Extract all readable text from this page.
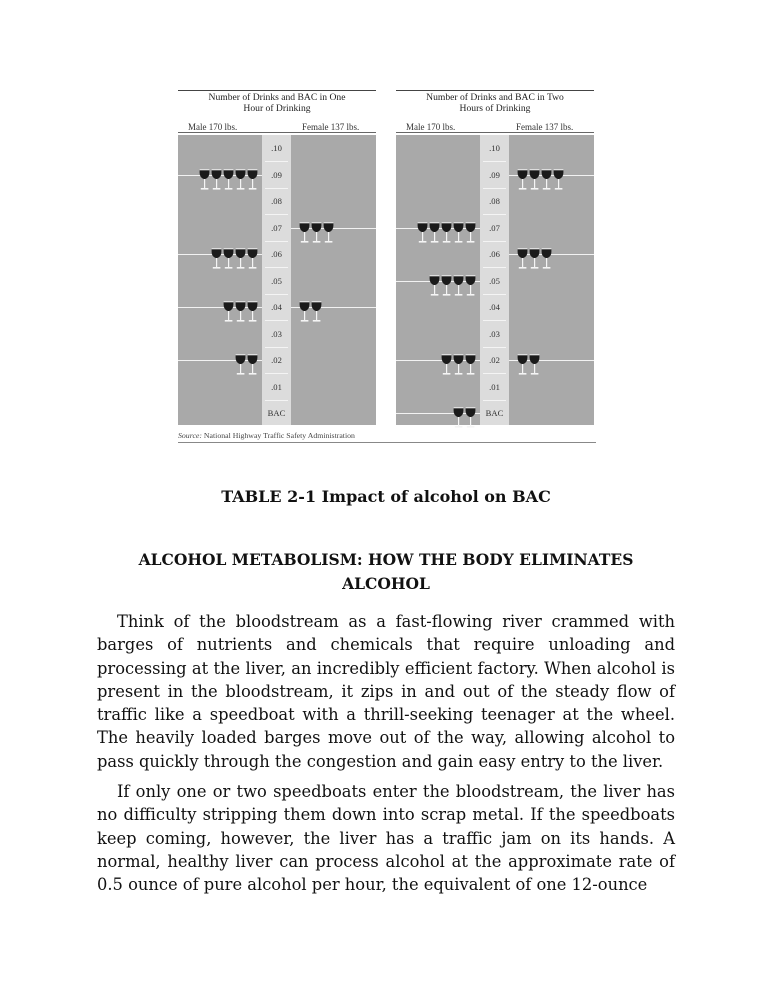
Number of Drinks and BAC in One
Hour of Drinking
Male 170 lbs.	Female 137 lbs.
.10
.09
.08
.07
.06
.05
.04
.03
.02
.01
BAC
Number of Drinks and BAC in Two
Hours of Drinking
Male 170 lbs.	Female 137 lbs.
.10
.09
.08
.07
.06
.05
.04
.03
.02
.01
BAC
Source: National Highway Traffic Safety Administration
TABLE 2-1 Impact of alcohol on BAC
ALCOHOL METABOLISM: HOW THE BODY ELIMINATES
ALCOHOL

Think of the bloodstream as a fast-flowing river crammed with barges of nutrients and chemicals that require unloading and processing at the liver, an incredibly efficient factory. When alcohol is present in the bloodstream, it zips in and out of the steady flow of traffic like a speedboat with a thrill-seeking teenager at the wheel. The heavily loaded barges move out of the way, allowing alcohol to pass quickly through the congestion and gain easy entry to the liver.

If only one or two speedboats enter the bloodstream, the liver has no difficulty stripping them down into scrap metal. If the speedboats keep coming, however, the liver has a traffic jam on its hands. A normal, healthy liver can process alcohol at the approximate rate of 0.5 ounce of pure alcohol per hour, the equivalent of one 12-ounce
